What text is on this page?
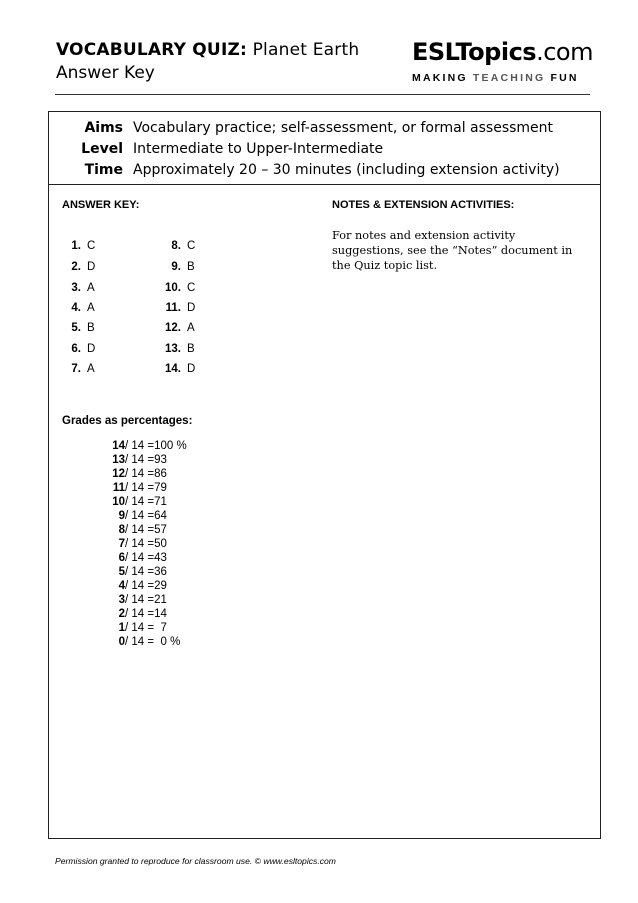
VOCABULARY QUIZ: Planet Earth
Answer Key
ESLTopics.com
MAKING TEACHING FUN
Aims Vocabulary practice; self-assessment, or formal assessment
Level Intermediate to Upper-Intermediate
Time Approximately 20 – 30 minutes (including extension activity)
ANSWER KEY:	NOTES & EXTENSION ACTIVITIES:
For notes and extension activity suggestions, see the “Notes” document in the Quiz topic list.
1. C
2. D
3. A
4. A
5. B
6. D
7. A
8. C
9. B
10. C
11. D
12. A
13. B
14. D
Grades as percentages:
14/ 14 =100 %
13/ 14 =93
12/ 14 =86
11/ 14 =79
10/ 14 =71
9/ 14 =64
8/ 14 =57
7/ 14 =50
6/ 14 =43
5/ 14 =36
4/ 14 =29
3/ 14 =21
2/ 14 =14
1/ 14 =  7
0/ 14 =  0 %
Permission granted to reproduce for classroom use. © www.esltopics.com
